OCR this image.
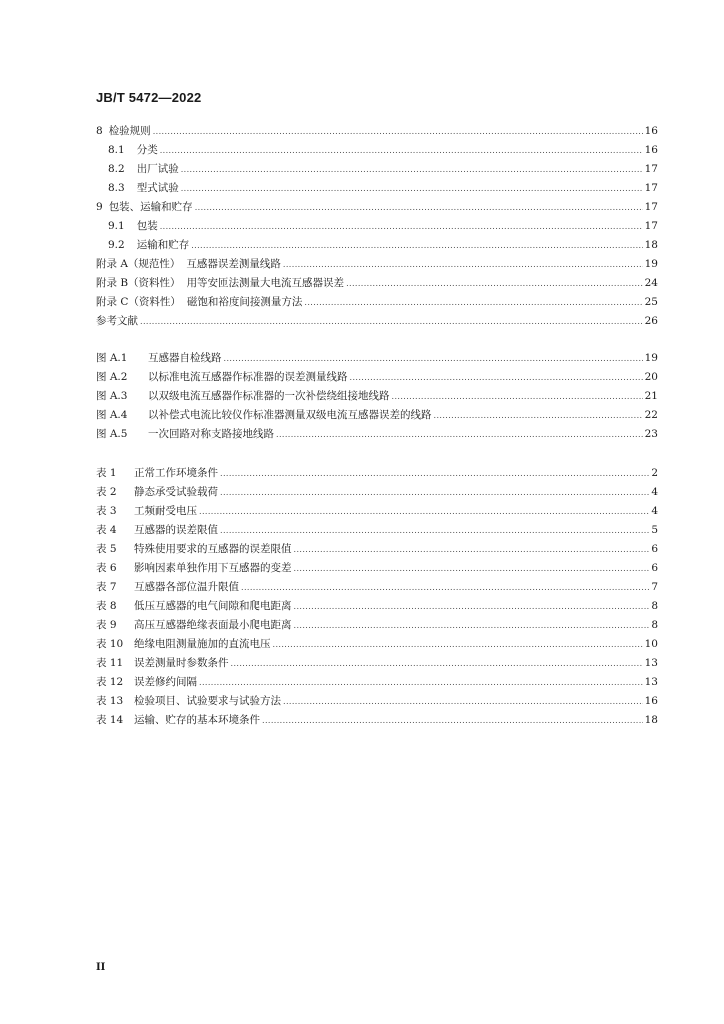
JB/T 5472—2022
8 检验规则 .....	16
8.1 分类 .....	16
8.2 出厂试验 .....	17
8.3 型式试验 .....	17
9 包装、运输和贮存 .....	17
9.1 包装 .....	17
9.2 运输和贮存 .....	18
附录 A（规范性） 互感器误差测量线路 .....	19
附录 B（资料性） 用等安匝法测量大电流互感器误差 .....	24
附录 C（资料性） 磁饱和裕度间接测量方法 .....	25
参考文献 .....	26
图 A.1	互感器自检线路 .....	19
图 A.2	以标准电流互感器作标准器的误差测量线路 .....	20
图 A.3	以双级电流互感器作标准器的一次补偿绕组接地线路 .....	21
图 A.4	以补偿式电流比较仪作标准器测量双级电流互感器误差的线路 .....	22
图 A.5	一次回路对称支路接地线路 .....	23
表 1	正常工作环境条件 .....	2
表 2	静态承受试验载荷 .....	4
表 3	工频耐受电压 .....	4
表 4	互感器的误差限值 .....	5
表 5	特殊使用要求的互感器的误差限值 .....	6
表 6	影响因素单独作用下互感器的变差 .....	6
表 7	互感器各部位温升限值 .....	7
表 8	低压互感器的电气间隙和爬电距离 .....	8
表 9	高压互感器绝缘表面最小爬电距离 .....	8
表 10	绝缘电阻测量施加的直流电压 .....	10
表 11	误差测量时参数条件 .....	13
表 12	误差修约间隔 .....	13
表 13	检验项目、试验要求与试验方法 .....	16
表 14	运输、贮存的基本环境条件 .....	18
II
